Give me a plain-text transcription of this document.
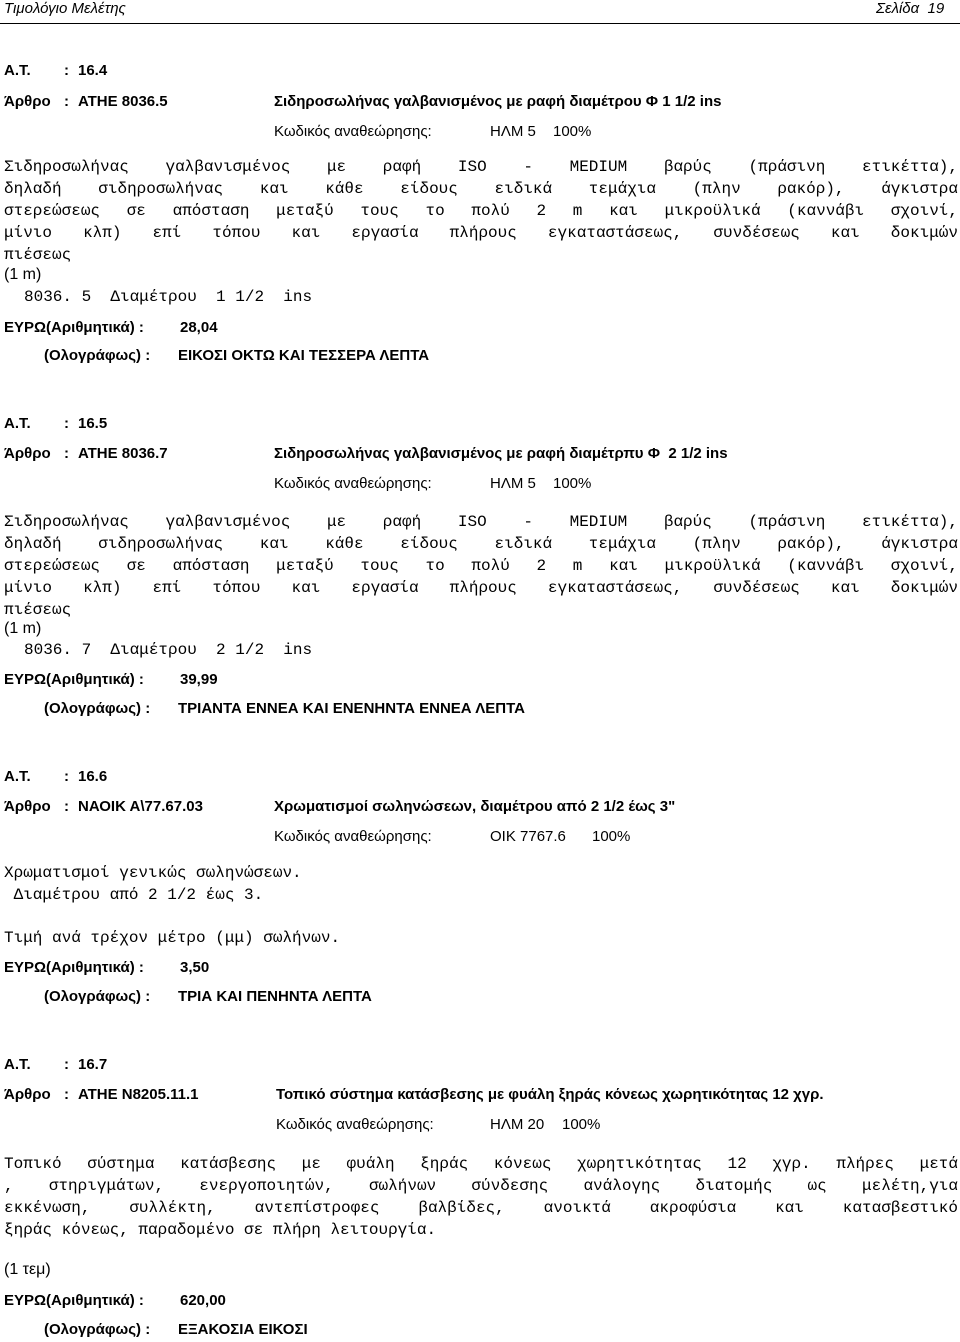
Τιμολόγιο Μελέτης	Σελίδα 19
Α.Τ. : 16.4
Άρθρο : ΑΤΗΕ 8036.5	Σιδηροσωλήνας γαλβανισμένος με ραφή διαμέτρου Φ 1 1/2 ins
Κωδικός αναθεώρησης:	ΗΛΜ 5 100%
Σιδηροσωλήνας γαλβανισμένος με ραφή ISO - MEDIUM βαρύς (πράσινη ετικέττα),
δηλαδή σιδηροσωλήνας και κάθε είδους ειδικά τεμάχια (πλην ρακόρ), άγκιστρα
στερεώσεως σε απόσταση μεταξύ τους το πολύ 2 m και μικροϋλικά (καννάβι σχοινί,
μίνιο κλπ) επί τόπου και εργασία πλήρους εγκαταστάσεως, συνδέσεως και δοκιμών
πιέσεως
(1 m)
8036. 5  Διαμέτρου  1 1/2  ins
ΕΥΡΩ(Αριθμητικά) : 28,04
(Ολογράφως) : ΕΙΚΟΣΙ ΟΚΤΩ ΚΑΙ ΤΕΣΣΕΡΑ ΛΕΠΤΑ
Α.Τ. : 16.5
Άρθρο : ΑΤΗΕ 8036.7	Σιδηροσωλήνας γαλβανισμένος με ραφή διαμέτρπυ Φ  2 1/2 ins
Κωδικός αναθεώρησης:	ΗΛΜ 5 100%
Σιδηροσωλήνας γαλβανισμένος με ραφή ISO - MEDIUM βαρύς (πράσινη ετικέττα),
δηλαδή σιδηροσωλήνας και κάθε είδους ειδικά τεμάχια (πλην ρακόρ), άγκιστρα
στερεώσεως σε απόσταση μεταξύ τους το πολύ 2 m και μικροϋλικά (καννάβι σχοινί,
μίνιο κλπ) επί τόπου και εργασία πλήρους εγκαταστάσεως, συνδέσεως και δοκιμών
πιέσεως
(1 m)
8036. 7  Διαμέτρου  2 1/2  ins
ΕΥΡΩ(Αριθμητικά) : 39,99
(Ολογράφως) : ΤΡΙΑΝΤΑ ΕΝΝΕΑ ΚΑΙ ΕΝΕΝΗΝΤΑ ΕΝΝΕΑ ΛΕΠΤΑ
Α.Τ. : 16.6
Άρθρο : ΝΑΟΙΚ Α\77.67.03	Χρωματισμοί σωληνώσεων, διαμέτρου από 2 1/2 έως 3"
Κωδικός αναθεώρησης:	ΟΙΚ 7767.6 100%
Χρωματισμοί γενικώς σωληνώσεων.
Διαμέτρου από 2 1/2 έως 3.
Τιμή ανά τρέχον μέτρο (μμ) σωλήνων.
ΕΥΡΩ(Αριθμητικά) : 3,50
(Ολογράφως) : ΤΡΙΑ ΚΑΙ ΠΕΝΗΝΤΑ ΛΕΠΤΑ
Α.Τ. : 16.7
Άρθρο : ΑΤΗΕ Ν8205.11.1	Τοπικό σύστημα κατάσβεσης με φυάλη ξηράς κόνεως χωρητικότητας 12 χγρ.
Κωδικός αναθεώρησης:	ΗΛΜ 20 100%
Τοπικό σύστημα κατάσβεσης με φυάλη ξηράς κόνεως χωρητικότητας 12 χγρ. πλήρες μετά
, στηριγμάτων, ενεργοποιητών, σωλήνων σύνδεσης ανάλογης διατομής ως μελέτη,για
εκκένωση, συλλέκτη, αντεπίστροφες βαλβίδες, ανοικτά ακροφύσια και κατασβεστικό
ξηράς κόνεως, παραδομένο σε πλήρη λειτουργία.
(1 τεμ)
ΕΥΡΩ(Αριθμητικά) : 620,00
(Ολογράφως) : ΕΞΑΚΟΣΙΑ ΕΙΚΟΣΙ
